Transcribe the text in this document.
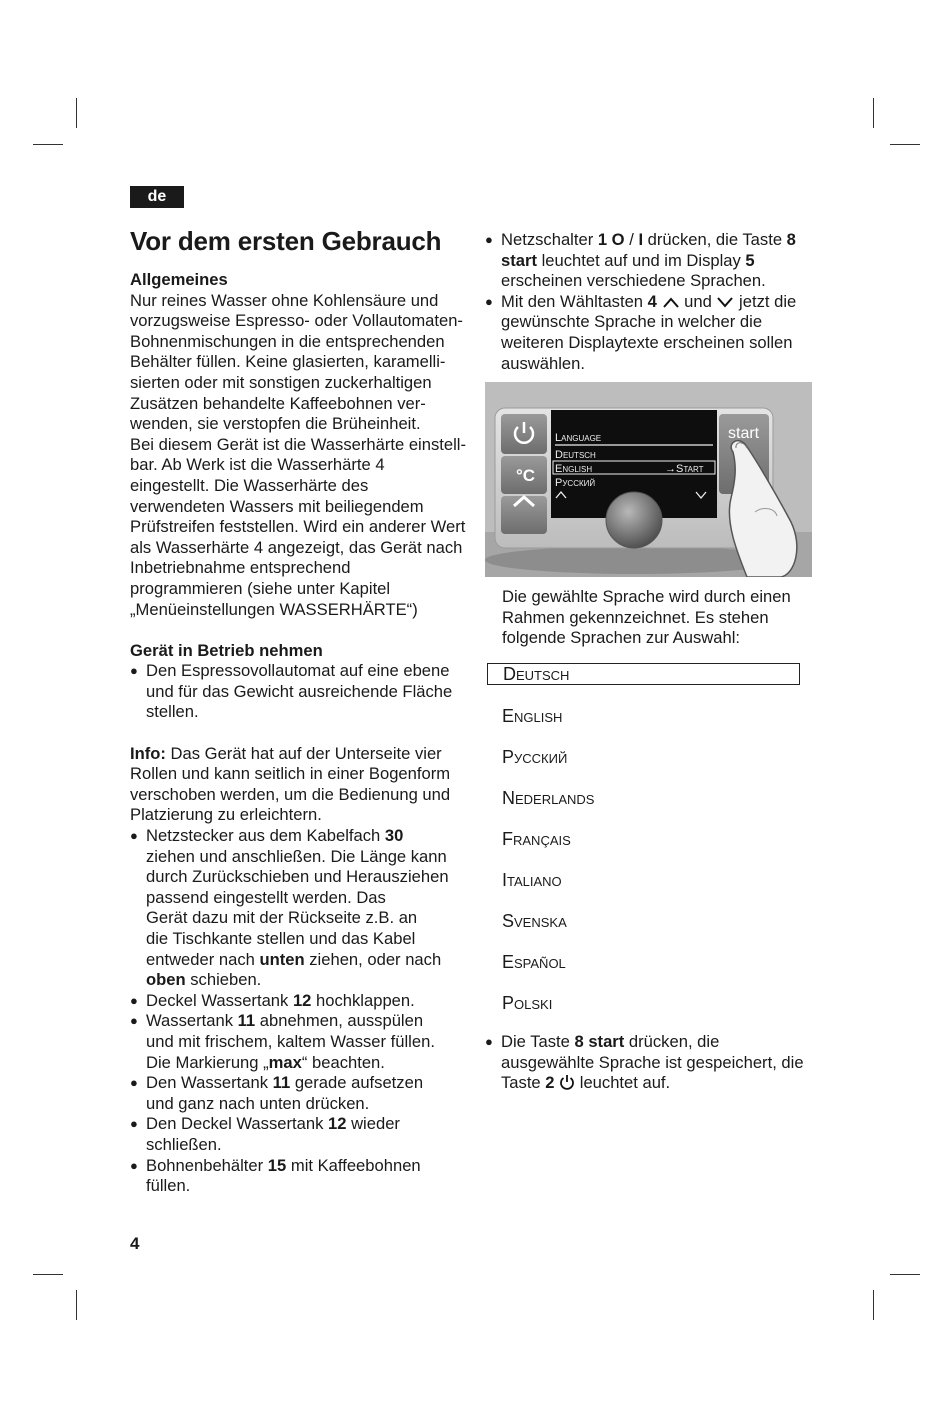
de
Vor dem ersten Gebrauch

Allgemeines

Nur reines Wasser ohne Kohlensäure und

vorzugsweise Espresso- oder Vollautomaten-

Bohnenmischungen in die entsprechenden

Behälter füllen. Keine glasierten, karamelli-

sierten oder mit sonstigen zuckerhaltigen

Zusätzen behandelte Kaffeebohnen ver-

wenden, sie verstopfen die Brüheinheit.

Bei diesem Gerät ist die Wasserhärte einstell-

bar. Ab Werk ist die Wasserhärte 4

eingestellt. Die Wasserhärte des

verwendeten Wassers mit beiliegendem

Prüfstreifen feststellen. Wird ein anderer Wert

als Wasserhärte 4 angezeigt, das Gerät nach

Inbetriebnahme entsprechend

programmieren (siehe unter Kapitel

„Menüeinstellungen WASSERHÄRTE“)

Gerät in Betrieb nehmen

● Den Espressovollautomat auf eine ebene

und für das Gewicht ausreichende Fläche

stellen.

Info: Das Gerät hat auf der Unterseite vier

Rollen und kann seitlich in einer Bogenform

verschoben werden, um die Bedienung und

Platzierung zu erleichtern.

● Netzstecker aus dem Kabelfach 30

ziehen und anschließen. Die Länge kann

durch Zurückschieben und Herausziehen

passend eingestellt werden. Das

Gerät dazu mit der Rückseite z.B. an

die Tischkante stellen und das Kabel

entweder nach unten ziehen, oder nach

oben schieben.

● Deckel Wassertank 12 hochklappen.

● Wassertank 11 abnehmen, ausspülen

und mit frischem, kaltem Wasser füllen.

Die Markierung „max“ beachten.

● Den Wassertank 11 gerade aufsetzen

und ganz nach unten drücken.

● Den Deckel Wassertank 12 wieder

schließen.

● Bohnenbehälter 15 mit Kaffeebohnen

füllen.

● Netzschalter 1 O / I drücken, die Taste 8

start leuchtet auf und im Display 5

erscheinen verschiedene Sprachen.

● Mit den Wähltasten 4  und  jetzt die

gewünschte Sprache in welcher die

weiteren Displaytexte erscheinen sollen

auswählen.

°C
Language
Deutsch
English	→Start
Русский
start

Die gewählte Sprache wird durch einen

Rahmen gekennzeichnet. Es stehen

folgende Sprachen zur Auswahl:

Deutsch
English
Русский
Nederlands
Français
Italiano
Svenska
Español
Polski

● Die Taste 8 start drücken, die

ausgewählte Sprache ist gespeichert, die

Taste 2  leuchtet auf.

4
